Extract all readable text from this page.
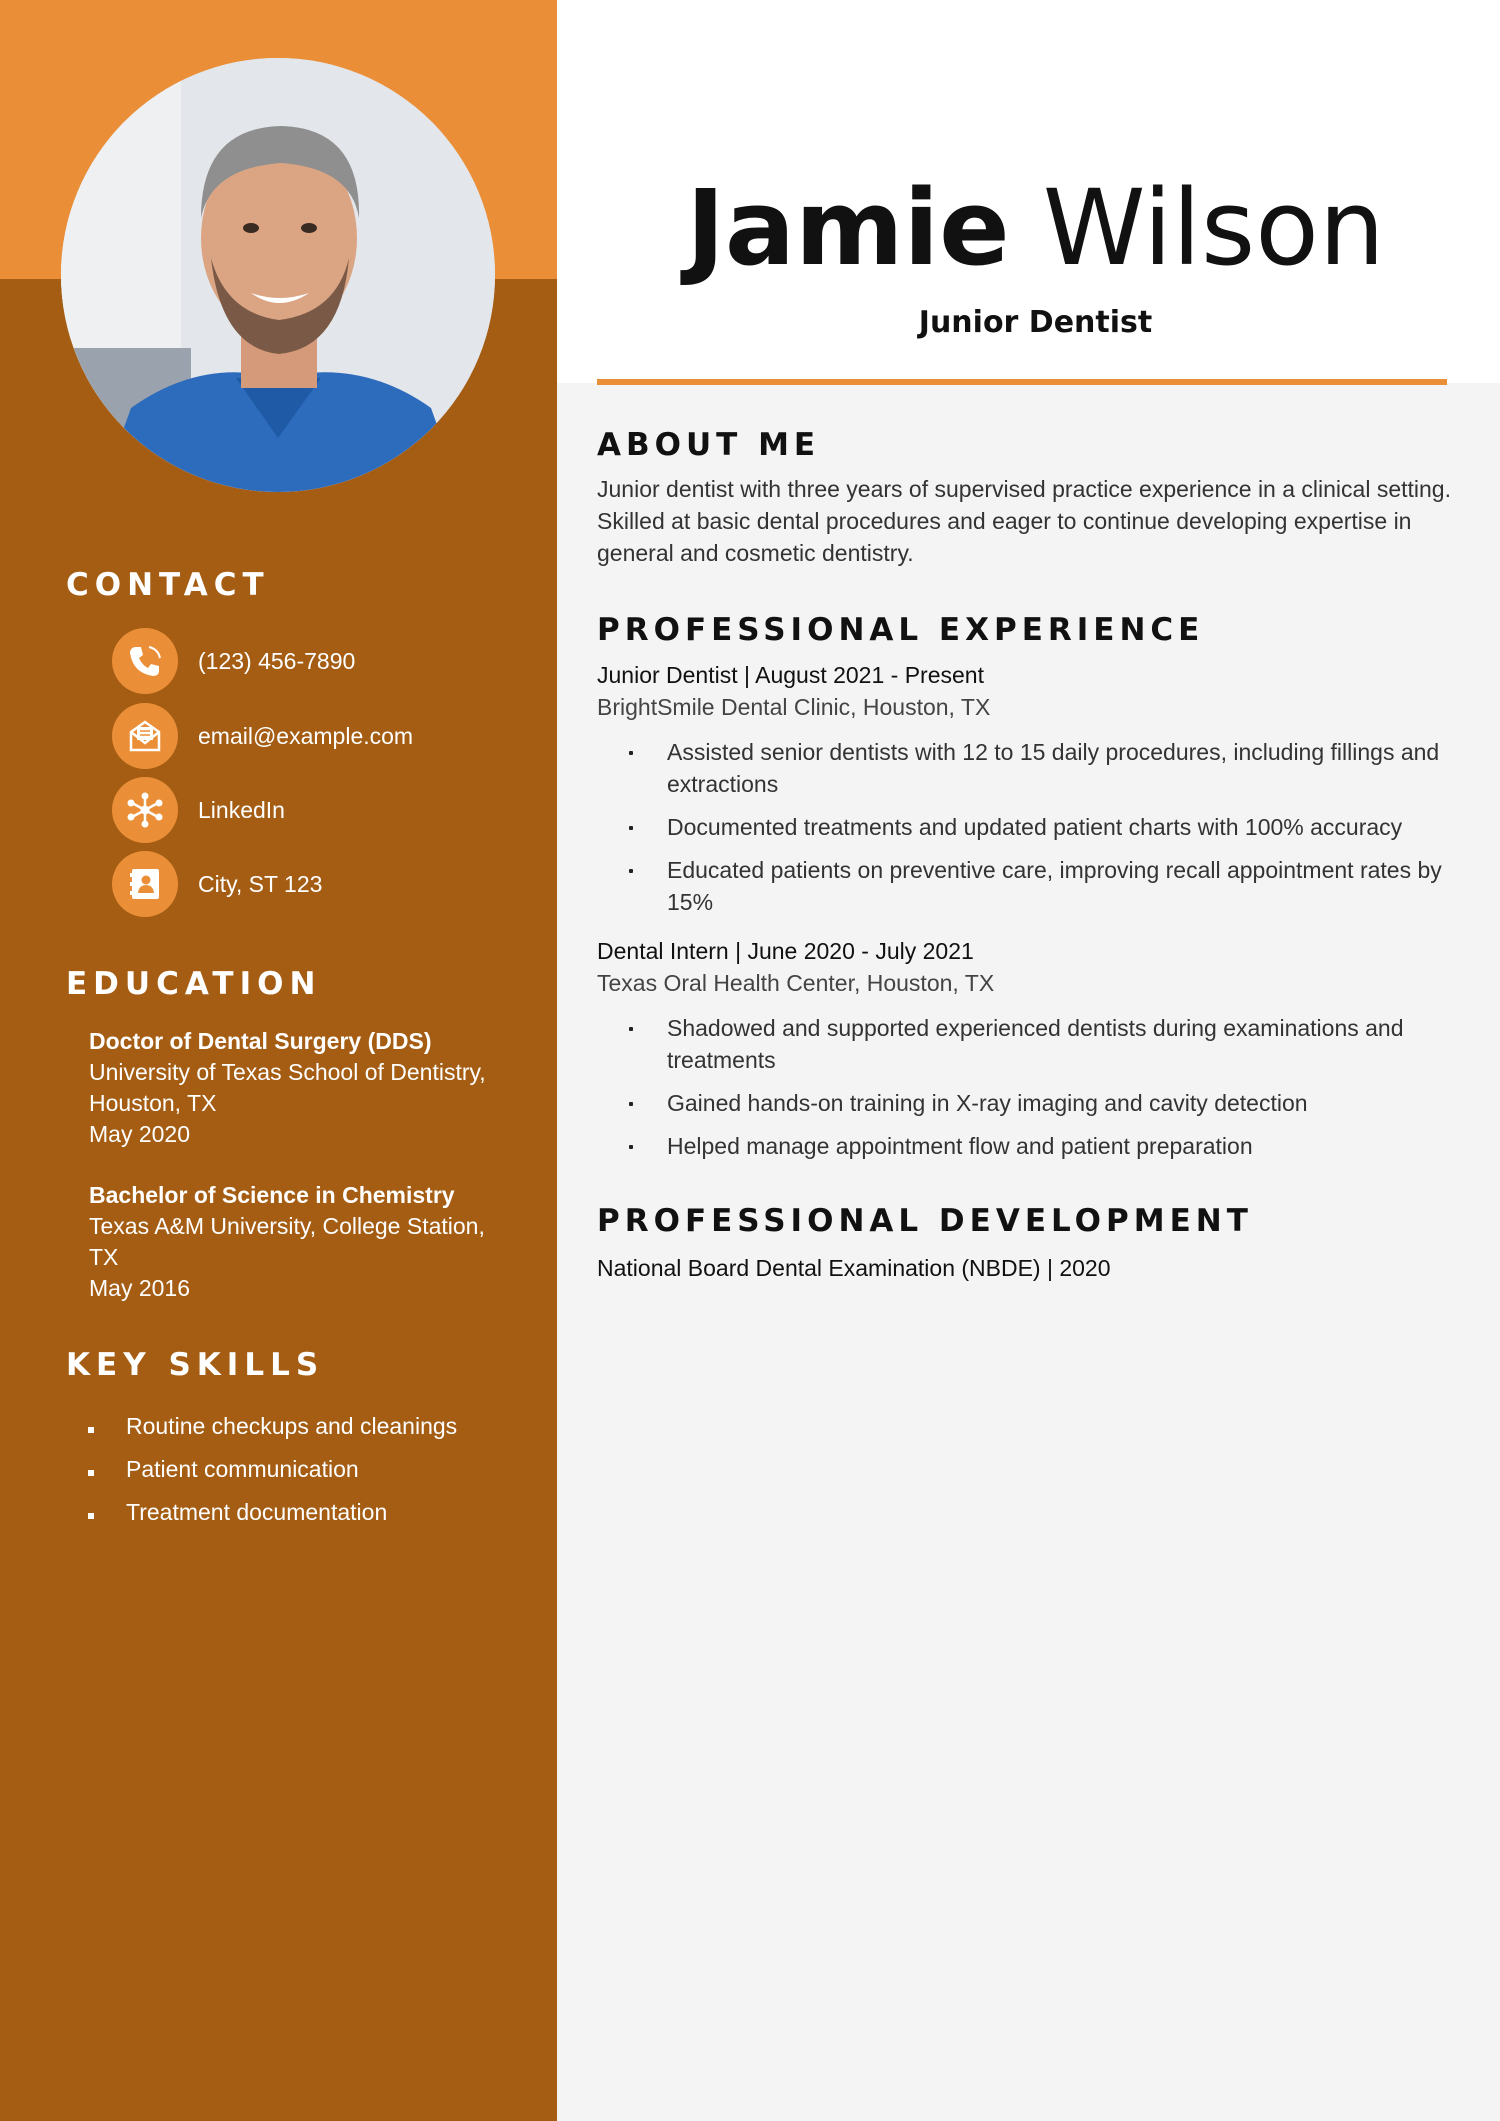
CONTACT
(123) 456-7890
email@example.com
LinkedIn
City, ST 123
EDUCATION
Doctor of Dental Surgery (DDS)
University of Texas School of Dentistry,
Houston, TX
May 2020
Bachelor of Science in Chemistry
Texas A&M University, College Station,
TX
May 2016
KEY SKILLS
Routine checkups and cleanings
Patient communication
Treatment documentation
Jamie Wilson
Junior Dentist
ABOUT ME
Junior dentist with three years of supervised practice experience in a clinical setting. Skilled at basic dental procedures and eager to continue developing expertise in general and cosmetic dentistry.
PROFESSIONAL EXPERIENCE
Junior Dentist | August 2021 - Present
BrightSmile Dental Clinic, Houston, TX
Assisted senior dentists with 12 to 15 daily procedures, including fillings and extractions
Documented treatments and updated patient charts with 100% accuracy
Educated patients on preventive care, improving recall appointment rates by 15%
Dental Intern | June 2020 - July 2021
Texas Oral Health Center, Houston, TX
Shadowed and supported experienced dentists during examinations and treatments
Gained hands-on training in X-ray imaging and cavity detection
Helped manage appointment flow and patient preparation
PROFESSIONAL DEVELOPMENT
National Board Dental Examination (NBDE) | 2020
